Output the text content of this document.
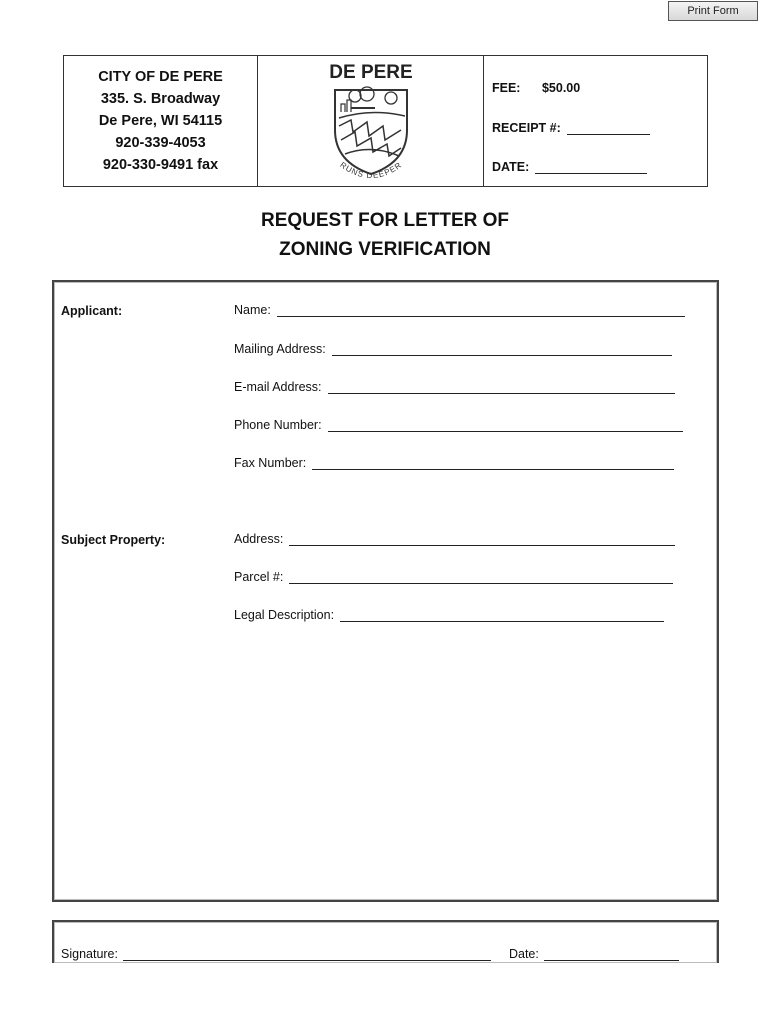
Print Form
CITY OF DE PERE
335. S. Broadway
De Pere, WI 54115
920-339-4053
920-330-9491 fax
DE PERE
RUNS DEEPER
FEE: $50.00
RECEIPT #:
DATE:
REQUEST FOR LETTER OF
ZONING VERIFICATION
Applicant:	Name:
Mailing Address:
E-mail Address:
Phone Number:
Fax Number:
Subject Property:	Address:
Parcel #:
Legal Description:
Signature:	Date:
